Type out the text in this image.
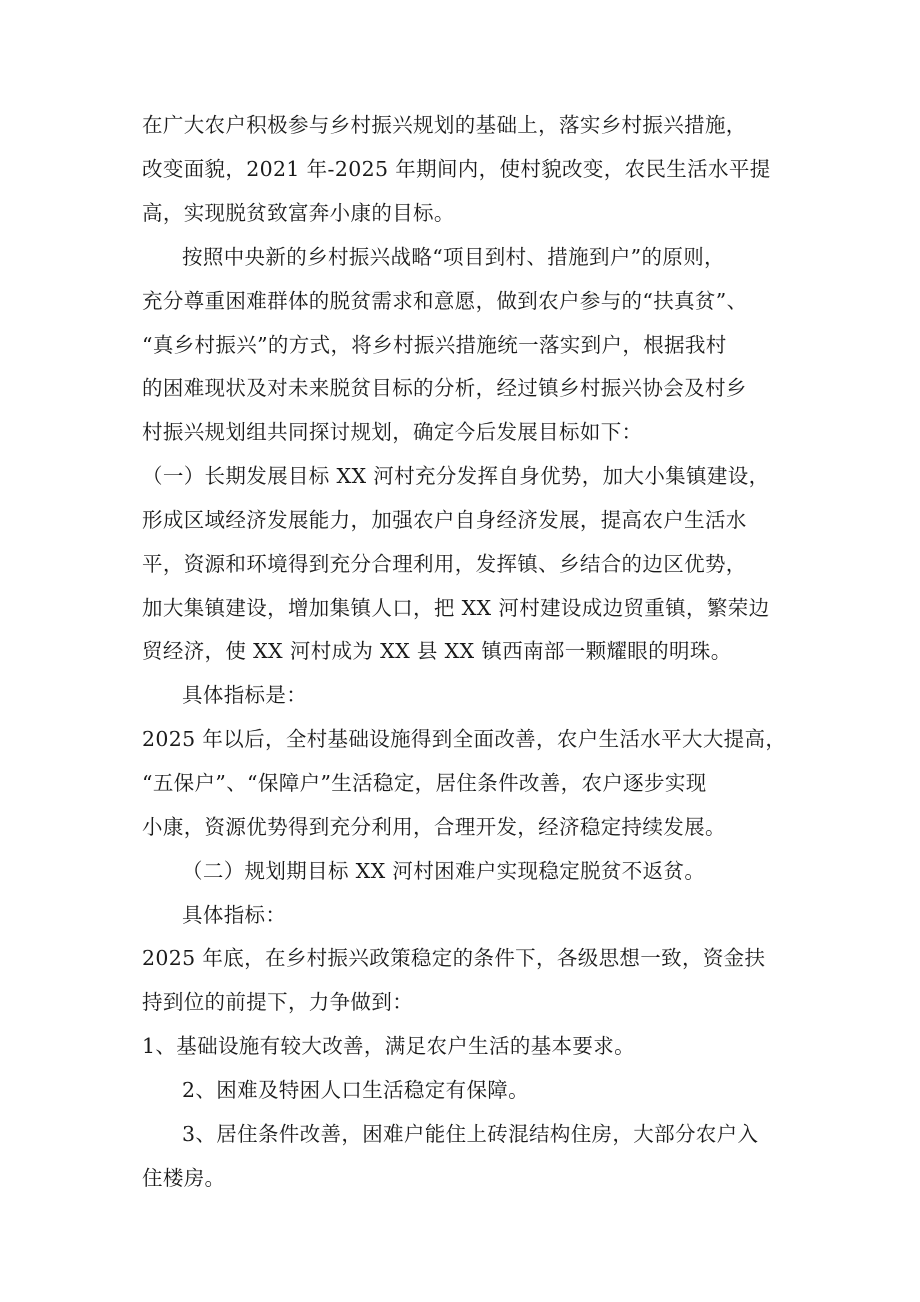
在广大农户积极参与乡村振兴规划的基础上，落实乡村振兴措施，
改变面貌，2021 年-2025 年期间内，使村貌改变，农民生活水平提
高，实现脱贫致富奔小康的目标。
按照中央新的乡村振兴战略“项目到村、措施到户”的原则，
充分尊重困难群体的脱贫需求和意愿，做到农户参与的“扶真贫”、
“真乡村振兴”的方式，将乡村振兴措施统一落实到户，根据我村
的困难现状及对未来脱贫目标的分析，经过镇乡村振兴协会及村乡
村振兴规划组共同探讨规划，确定今后发展目标如下：
（一）长期发展目标 XX 河村充分发挥自身优势，加大小集镇建设，
形成区域经济发展能力，加强农户自身经济发展，提高农户生活水
平，资源和环境得到充分合理利用，发挥镇、乡结合的边区优势，
加大集镇建设，增加集镇人口，把 XX 河村建设成边贸重镇，繁荣边
贸经济，使 XX 河村成为 XX 县 XX 镇西南部一颗耀眼的明珠。
具体指标是：
2025 年以后，全村基础设施得到全面改善，农户生活水平大大提高，
“五保户”、“保障户”生活稳定，居住条件改善，农户逐步实现
小康，资源优势得到充分利用，合理开发，经济稳定持续发展。
（二）规划期目标 XX 河村困难户实现稳定脱贫不返贫。
具体指标：
2025 年底，在乡村振兴政策稳定的条件下，各级思想一致，资金扶
持到位的前提下，力争做到：
1、基础设施有较大改善，满足农户生活的基本要求。
2、困难及特困人口生活稳定有保障。
3、居住条件改善，困难户能住上砖混结构住房，大部分农户入
住楼房。
